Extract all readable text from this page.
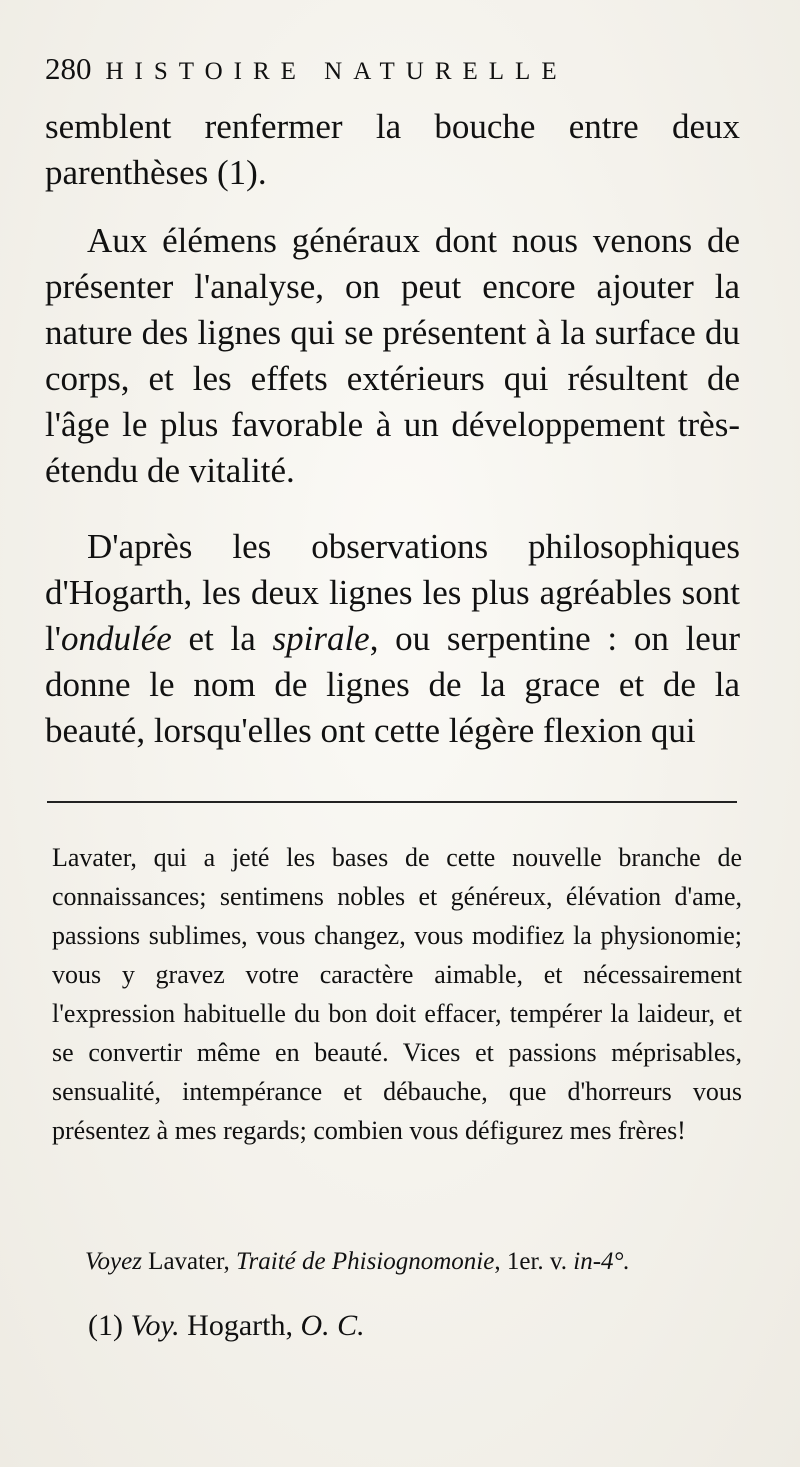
280 HISTOIRE NATURELLE

semblent renfermer la bouche entre deux parenthèses (1).

Aux élémens généraux dont nous venons de présenter l'analyse, on peut encore ajouter la nature des lignes qui se présentent à la surface du corps, et les effets extérieurs qui résultent de l'âge le plus favorable à un développement très-étendu de vitalité.

D'après les observations philosophiques d'Hogarth, les deux lignes les plus agréables sont l'ondulée et la spirale, ou serpentine : on leur donne le nom de lignes de la grace et de la beauté, lorsqu'elles ont cette légère flexion qui

Lavater, qui a jeté les bases de cette nouvelle branche de connaissances; sentimens nobles et généreux, élévation d'ame, passions sublimes, vous changez, vous modifiez la physionomie; vous y gravez votre caractère aimable, et nécessairement l'expression habituelle du bon doit effacer, tempérer la laideur, et se convertir même en beauté. Vices et passions méprisables, sensualité, intempérance et débauche, que d'horreurs vous présentez à mes regards; combien vous défigurez mes frères!

Voyez Lavater, Traité de Phisiognomonie, 1er. v. in-4°.
(1) Voy. Hogarth, O. C.
